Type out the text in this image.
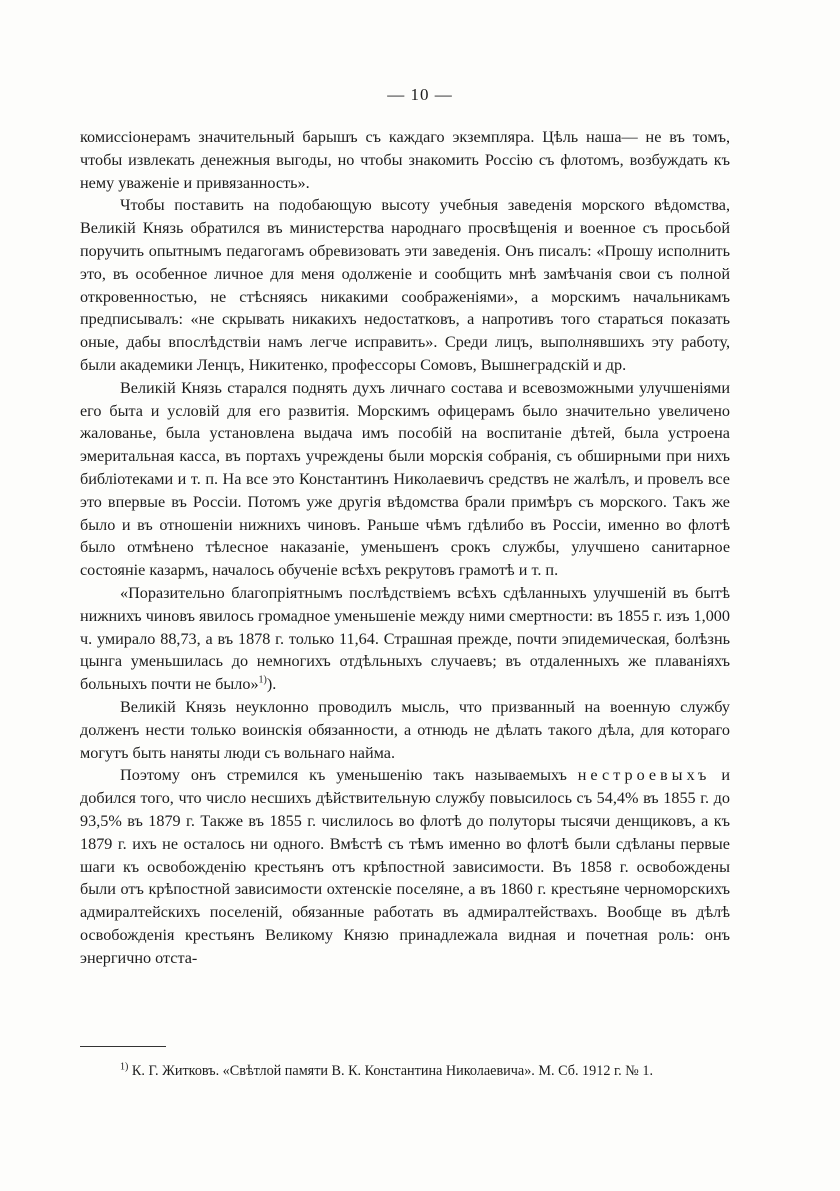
— 10 —

комиссіонерамъ значительный барышъ съ каждаго экземпляра. Цѣль наша— не въ томъ, чтобы извлекать денежныя выгоды, но чтобы знакомить Россію съ флотомъ, возбуждать къ нему уваженіе и привязанность».

Чтобы поставить на подобающую высоту учебныя заведенія морского вѣдомства, Великій Князь обратился въ министерства народнаго просвѣщенія и военное съ просьбой поручить опытнымъ педагогамъ обревизовать эти заведенія. Онъ писалъ: «Прошу исполнить это, въ особенное личное для меня одолженіе и сообщить мнѣ замѣчанія свои съ полной откровенностью, не стѣсняясь никакими соображеніями», а морскимъ начальникамъ предписывалъ: «не скрывать никакихъ недостатковъ, а напротивъ того стараться показать оные, дабы впослѣдствіи намъ легче исправить». Среди лицъ, выполнявшихъ эту работу, были академики Ленцъ, Никитенко, профессоры Сомовъ, Вышнеградскій и др.

Великій Князь старался поднять духъ личнаго состава и всевозможными улучшеніями его быта и условій для его развитія. Морскимъ офицерамъ было значительно увеличено жалованье, была установлена выдача имъ пособій на воспитаніе дѣтей, была устроена эмеритальная касса, въ портахъ учреждены были морскія собранія, съ обширными при нихъ библіотеками и т. п. На все это Константинъ Николаевичъ средствъ не жалѣлъ, и провелъ все это впервые въ Россіи. Потомъ уже другія вѣдомства брали примѣръ съ морского. Такъ же было и въ отношеніи нижнихъ чиновъ. Раньше чѣмъ гдѣлибо въ Россіи, именно во флотѣ было отмѣнено тѣлесное наказаніе, уменьшенъ срокъ службы, улучшено санитарное состояніе казармъ, началось обученіе всѣхъ рекрутовъ грамотѣ и т. п.

«Поразительно благопріятнымъ послѣдствіемъ всѣхъ сдѣланныхъ улучшеній въ бытѣ нижнихъ чиновъ явилось громадное уменьшеніе между ними смертности: въ 1855 г. изъ 1,000 ч. умирало 88,73, а въ 1878 г. только 11,64. Страшная прежде, почти эпидемическая, болѣзнь цынга уменьшилась до немногихъ отдѣльныхъ случаевъ; въ отдаленныхъ же плаваніяхъ больныхъ почти не было»$^{1)}$).

Великій Князь неуклонно проводилъ мысль, что призванный на военную службу долженъ нести только воинскія обязанности, а отнюдь не дѣлать такого дѣла, для котораго могутъ быть наняты люди съ вольнаго найма.

Поэтому онъ стремился къ уменьшенію такъ называемыхъ нестроевыхъ и добился того, что число несшихъ дѣйствительную службу повысилось съ 54,4% въ 1855 г. до 93,5% въ 1879 г. Также въ 1855 г. числилось во флотѣ до полуторы тысячи денщиковъ, а къ 1879 г. ихъ не осталось ни одного. Вмѣстѣ съ тѣмъ именно во флотѣ были сдѣланы первые шаги къ освобожденію крестьянъ отъ крѣпостной зависимости. Въ 1858 г. освобождены были отъ крѣпостной зависимости охтенскіе поселяне, а въ 1860 г. крестьяне черноморскихъ адмиралтейскихъ поселеній, обязанные работать въ адмиралтействахъ. Вообще въ дѣлѣ освобожденія крестьянъ Великому Князю принадлежала видная и почетная роль: онъ энергично отста-

$^{1)}$ К. Г. Житковъ. «Свѣтлой памяти В. К. Константина Николаевича». М. Сб. 1912 г. № 1.
